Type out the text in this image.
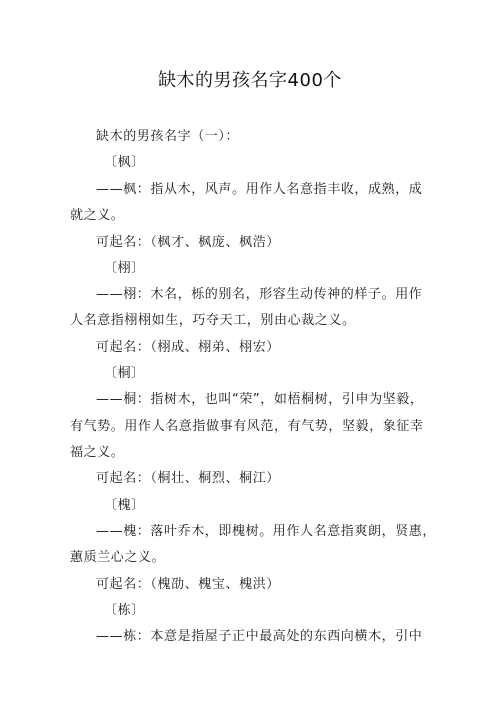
缺木的男孩名字400个
缺木的男孩名字（一）：
〔枫〕
——枫：指从木，风声。用作人名意指丰收，成熟，成
就之义。
可起名：（枫才、枫庞、枫浩）
〔栩〕
——栩：木名，栎的别名，形容生动传神的样子。用作
人名意指栩栩如生，巧夺天工，别由心裁之义。
可起名：（栩成、栩弟、栩宏）
〔桐〕
——桐：指树木，也叫“荣”，如梧桐树，引申为坚毅，
有气势。用作人名意指做事有风范，有气势，坚毅，象征幸
福之义。
可起名：（桐壮、桐烈、桐江）
〔槐〕
——槐：落叶乔木，即槐树。用作人名意指爽朗，贤惠，
蕙质兰心之义。
可起名：（槐劭、槐宝、槐洪）
〔栋〕
——栋：本意是指屋子正中最高处的东西向横木，引中
